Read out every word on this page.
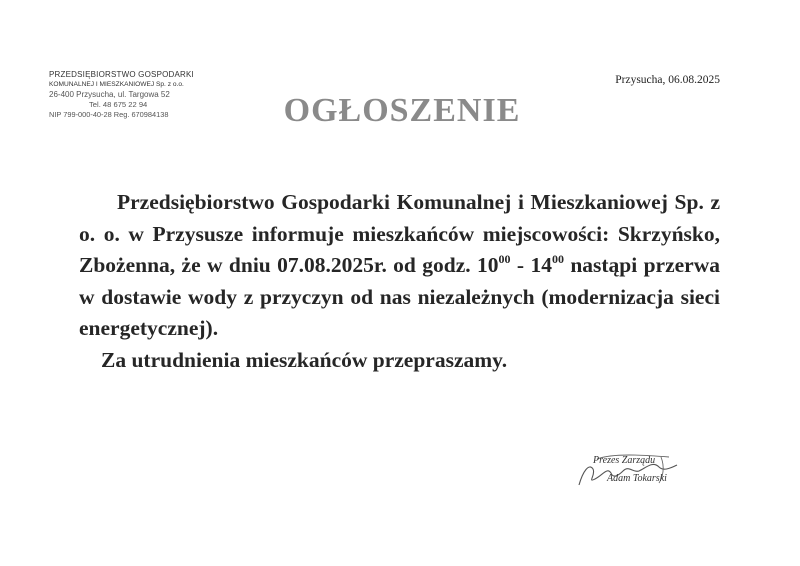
PRZEDSIĘBIORSTWO GOSPODARKI
KOMUNALNEJ I MIESZKANIOWEJ Sp. z o.o.
26-400 Przysucha, ul. Targowa 52
Tel. 48 675 22 94
NIP 799-000-40-28 Reg. 670984138
Przysucha, 06.08.2025
OGŁOSZENIE

Przedsiębiorstwo Gospodarki Komunalnej i Mieszkaniowej Sp. z o. o. w Przysusze informuje mieszkańców miejscowości: Skrzyńsko, Zbożenna, że w dniu 07.08.2025r. od godz. $10^{00} - 14^{00}$ nastąpi przerwa w dostawie wody z przyczyn od nas niezależnych (modernizacja sieci energetycznej).

Za utrudnienia mieszkańców przepraszamy.

Prezes Zarządu
Adam Tokarski
